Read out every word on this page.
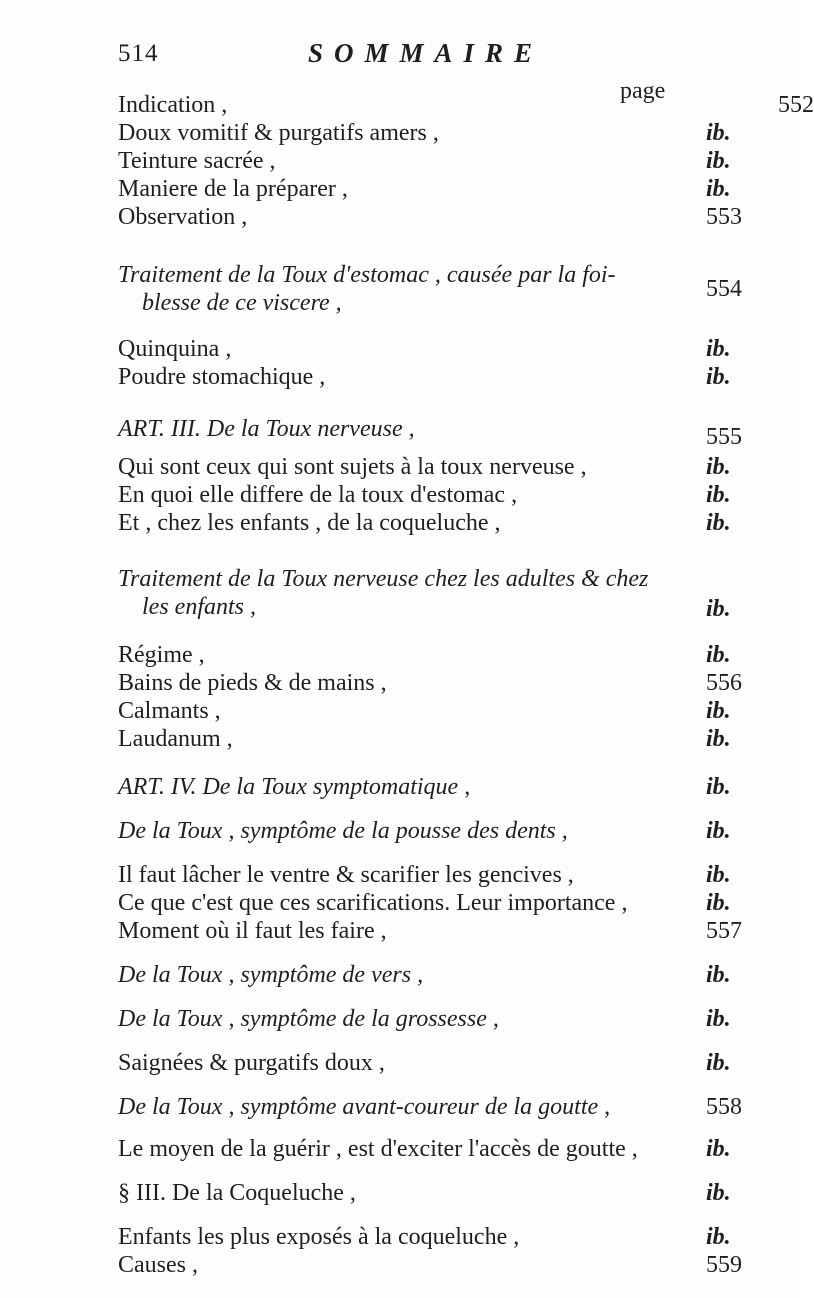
514	SOMMAIRE
page
Indication ,	552
Doux vomitif & purgatifs amers ,	ib.
Teinture sacrée ,	ib.
Maniere de la préparer ,	ib.
Observation ,	553
Traitement de la Toux d'estomac , causée par la foi-
blesse de ce viscere ,
554
Quinquina ,	ib.
Poudre stomachique ,	ib.
ART. III. De la Toux nerveuse ,	555
Qui sont ceux qui sont sujets à la toux nerveuse ,	ib.
En quoi elle differe de la toux d'estomac ,	ib.
Et , chez les enfants , de la coqueluche ,	ib.
Traitement de la Toux nerveuse chez les adultes & chez
les enfants ,	ib.
Régime ,	ib.
Bains de pieds & de mains ,	556
Calmants ,	ib.
Laudanum ,	ib.
ART. IV. De la Toux symptomatique ,	ib.
De la Toux , symptôme de la pousse des dents ,	ib.
Il faut lâcher le ventre & scarifier les gencives ,	ib.
Ce que c'est que ces scarifications. Leur importance ,	ib.
Moment où il faut les faire ,	557
De la Toux , symptôme de vers ,	ib.
De la Toux , symptôme de la grossesse ,	ib.
Saignées & purgatifs doux ,	ib.
De la Toux , symptôme avant-coureur de la goutte ,	558
Le moyen de la guérir , est d'exciter l'accès de goutte ,	ib.
§ III. De la Coqueluche ,	ib.
Enfants les plus exposés à la coqueluche ,	ib.
Causes ,	559
